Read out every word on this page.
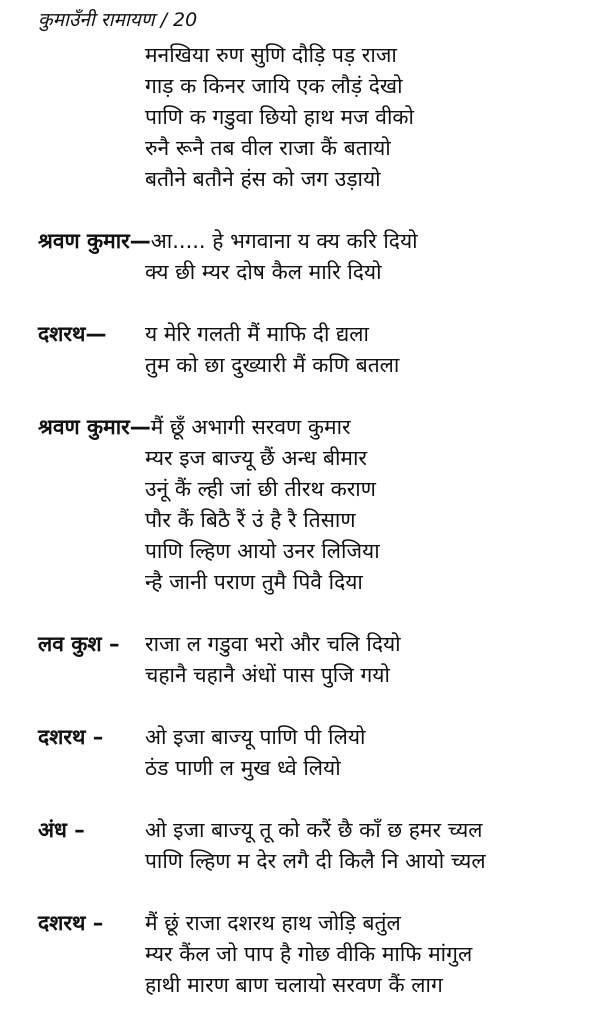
कुमाउँनी रामायण / 20
मनखिया रुण सुणि दौड़ि पड़ राजा
गाड़ क किनर जायि एक लौड़ं देखो
पाणि क गडुवा छियो हाथ मज वीको
रुनै रूनै तब वील राजा कैं बतायो
बतौने बतौने हंस को जग उड़ायो
श्रवण कुमार— आ..... हे भगवाना य क्य करि दियो
क्य छी म्यर दोष कैल मारि दियो
दशरथ—	य मेरि गलती मैं माफि दी द्यला
तुम को छा दुख्यारी मैं कणि बतला
श्रवण कुमार— मैं छूँ अभागी सरवण कुमार
म्यर इज बाज्यू छैं अन्ध बीमार
उनूं कैं ल्ही जां छी तीरथ कराण
पौर कैं बिठै रैं उं है रै तिसाण
पाणि ल्हिण आयो उनर लिजिया
न्है जानी पराण तुमै पिवै दिया
लव कुश –	राजा ल गडुवा भरो और चलि दियो
चहानै चहानै अंधों पास पुजि गयो
दशरथ –	ओ इजा बाज्यू पाणि पी लियो
ठंड पाणी ल मुख ध्वे लियो
अंध –	ओ इजा बाज्यू तू को करैं छै काँ छ हमर च्यल
पाणि ल्हिण म देर लगै दी किलै नि आयो च्यल
दशरथ –	मैं छूं राजा दशरथ हाथ जोड़ि बतुंल
म्यर कैंल जो पाप है गोछ वीकि माफि मांगुल
हाथी मारण बाण चलायो सरवण कैं लाग
